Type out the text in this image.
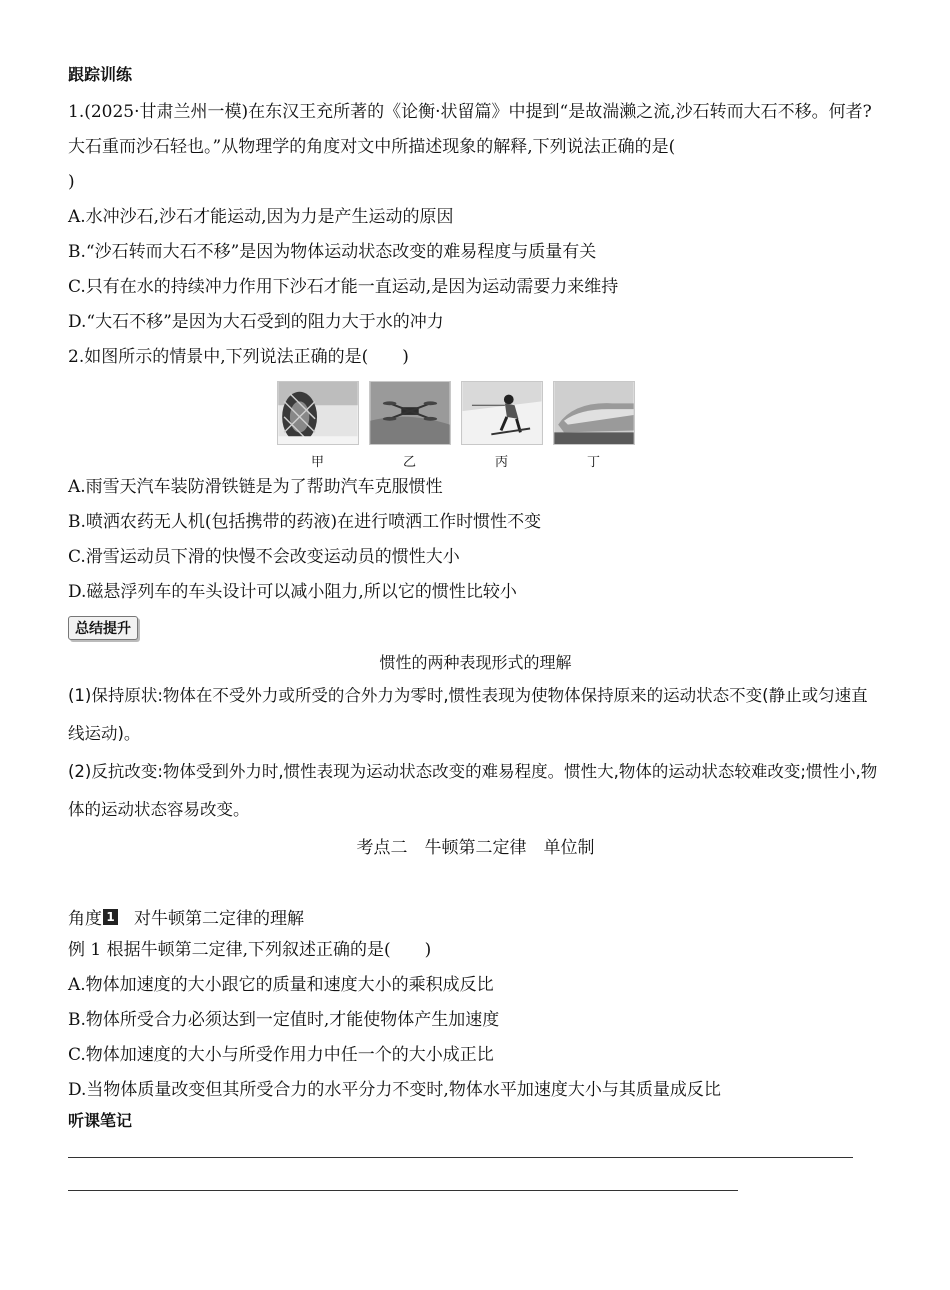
跟踪训练

1.(2025·甘肃兰州一模)在东汉王充所著的《论衡·状留篇》中提到“是故湍濑之流,沙石转而大石不移。何者?大石重而沙石轻也。”从物理学的角度对文中所描述现象的解释,下列说法正确的是(
)

A.水冲沙石,沙石才能运动,因为力是产生运动的原因

B.“沙石转而大石不移”是因为物体运动状态改变的难易程度与质量有关

C.只有在水的持续冲力作用下沙石才能一直运动,是因为运动需要力来维持

D.“大石不移”是因为大石受到的阻力大于水的冲力

2.如图所示的情景中,下列说法正确的是(  )

甲	乙	丙	丁

A.雨雪天汽车装防滑铁链是为了帮助汽车克服惯性

B.喷洒农药无人机(包括携带的药液)在进行喷洒工作时惯性不变

C.滑雪运动员下滑的快慢不会改变运动员的惯性大小

D.磁悬浮列车的车头设计可以减小阻力,所以它的惯性比较小

总结提升
惯性的两种表现形式的理解

(1)保持原状:物体在不受外力或所受的合外力为零时,惯性表现为使物体保持原来的运动状态不变(静止或匀速直线运动)。

(2)反抗改变:物体受到外力时,惯性表现为运动状态改变的难易程度。惯性大,物体的运动状态较难改变;惯性小,物体的运动状态容易改变。

考点二 牛顿第二定律 单位制
角度 1 对牛顿第二定律的理解

例 1 根据牛顿第二定律,下列叙述正确的是(  )

A.物体加速度的大小跟它的质量和速度大小的乘积成反比

B.物体所受合力必须达到一定值时,才能使物体产生加速度

C.物体加速度的大小与所受作用力中任一个的大小成正比

D.当物体质量改变但其所受合力的水平分力不变时,物体水平加速度大小与其质量成反比

听课笔记
